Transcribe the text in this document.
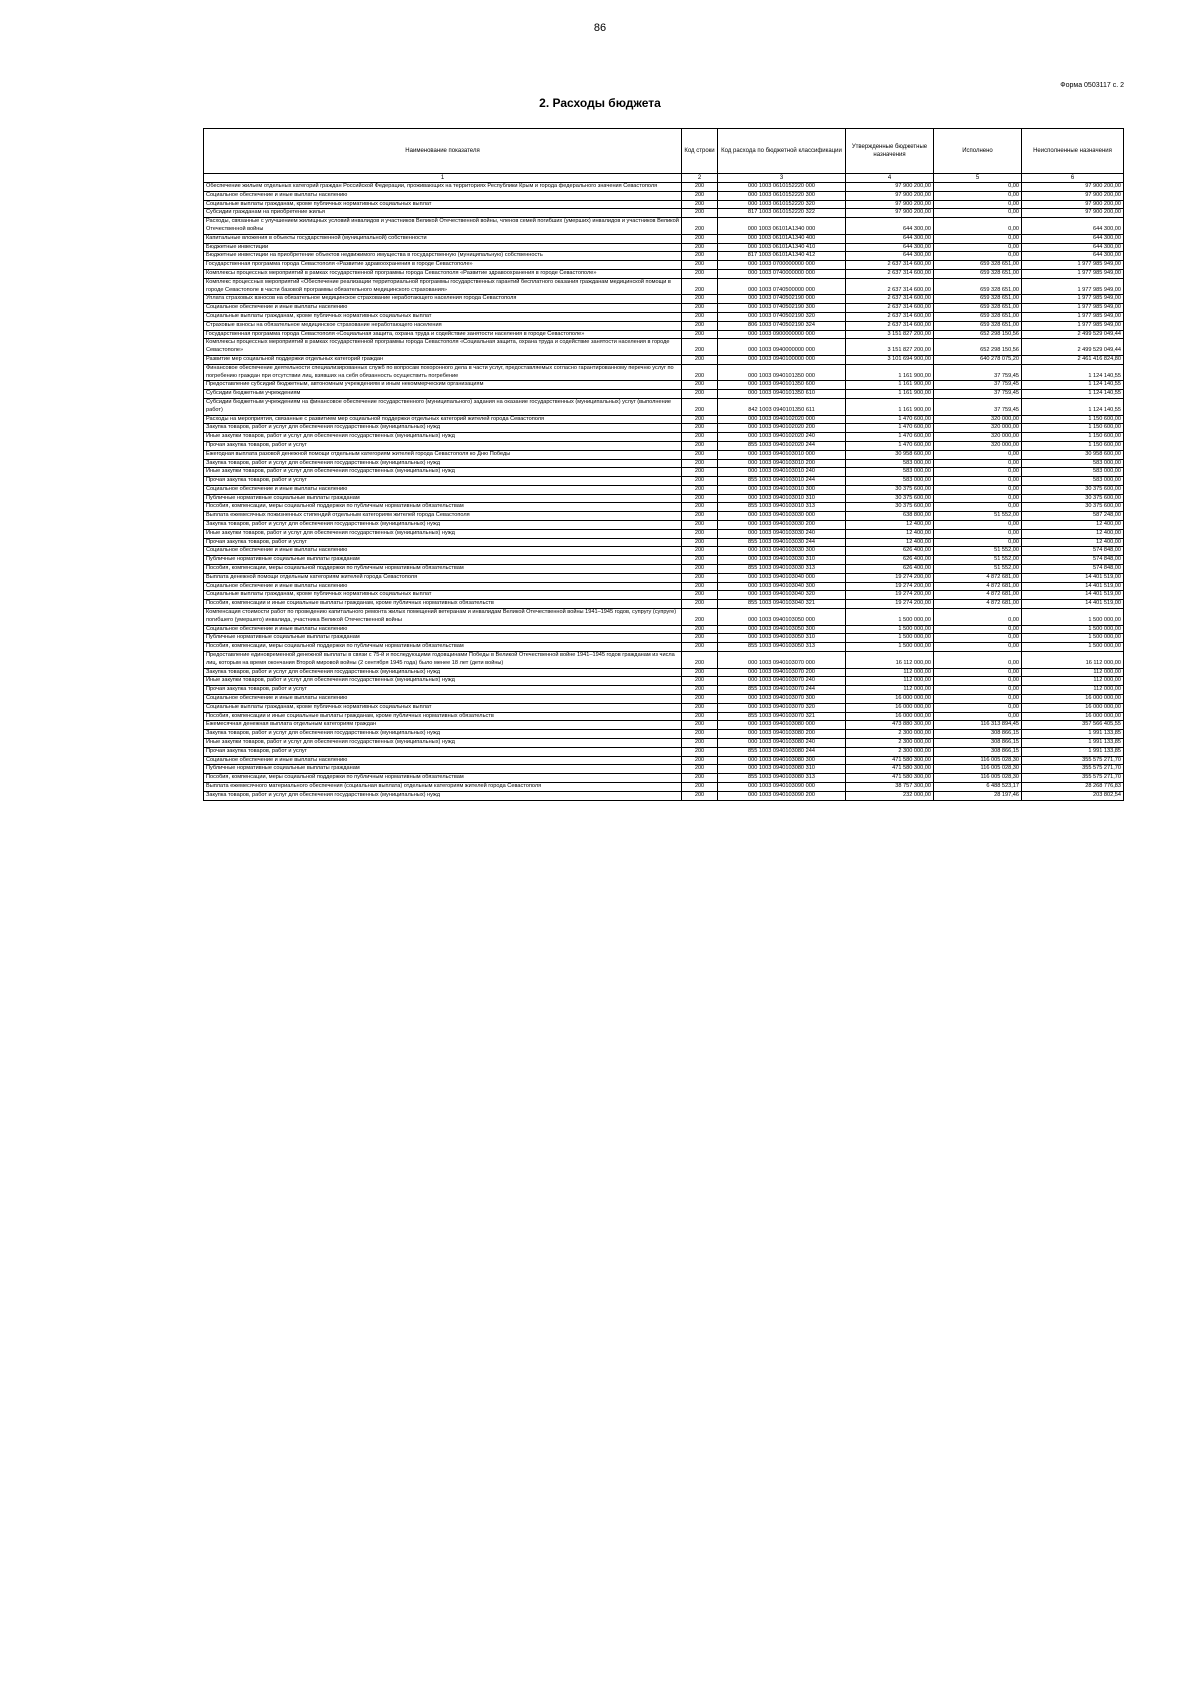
86
Форма 0503117 с. 2
2. Расходы бюджета
Наименование показателя	Код строки	Код расхода по бюджетной классификации	Утвержденные бюджетные назначения	Исполнено	Неисполненные назначения
1	2	3	4	5	6
Обеспечение жильем отдельных категорий граждан Российской Федерации, проживающих на территориях Республики Крым и города федерального значения Севастополя	200	000 1003 0610152220 000	97 900 200,00	0,00	97 900 200,00
Социальное обеспечение и иные выплаты населению	200	000 1003 0610152220 300	97 900 200,00	0,00	97 900 200,00
Социальные выплаты гражданам, кроме публичных нормативных социальных выплат	200	000 1003 0610152220 320	97 900 200,00	0,00	97 900 200,00
Субсидии гражданам на приобретение жилья	200	817 1003 0610152220 322	97 900 200,00	0,00	97 900 200,00
Расходы, связанные с улучшением жилищных условий инвалидов и участников Великой Отечественной войны, членов семей погибших (умерших) инвалидов и участников Великой Отечественной войны	200	000 1003 06101А1340 000	644 300,00	0,00	644 300,00
Капитальные вложения в объекты государственной (муниципальной) собственности	200	000 1003 06101А1340 400	644 300,00	0,00	644 300,00
Бюджетные инвестиции	200	000 1003 06101А1340 410	644 300,00	0,00	644 300,00
Бюджетные инвестиции на приобретение объектов недвижимого имущества в государственную (муниципальную) собственность	200	817 1003 06101А1340 412	644 300,00	0,00	644 300,00
Государственная программа города Севастополя «Развитие здравоохранения в городе Севастополе»	200	000 1003 0700000000 000	2 637 314 600,00	659 328 651,00	1 977 985 949,00
Комплексы процессных мероприятий в рамках государственной программы города Севастополя «Развитие здравоохранения в городе Севастополе»	200	000 1003 0740000000 000	2 637 314 600,00	659 328 651,00	1 977 985 949,00
Комплекс процессных мероприятий «Обеспечение реализации территориальной программы государственных гарантий бесплатного оказания гражданам медицинской помощи в городе Севастополе в части базовой программы обязательного медицинского страхования»	200	000 1003 0740500000 000	2 637 314 600,00	659 328 651,00	1 977 985 949,00
Уплата страховых взносов на обязательное медицинское страхование неработающего населения города Севастополя	200	000 1003 0740502190 000	2 637 314 600,00	659 328 651,00	1 977 985 949,00
Социальное обеспечение и иные выплаты населению	200	000 1003 0740502190 300	2 637 314 600,00	659 328 651,00	1 977 985 949,00
Социальные выплаты гражданам, кроме публичных нормативных социальных выплат	200	000 1003 0740502190 320	2 637 314 600,00	659 328 651,00	1 977 985 949,00
Страховые взносы на обязательное медицинское страхование неработающего населения	200	806 1003 0740502190 324	2 637 314 600,00	659 328 651,00	1 977 985 949,00
Государственная программа города Севастополя «Социальная защита, охрана труда и содействие занятости населения в городе Севастополе»	200	000 1003 0900000000 000	3 151 827 200,00	652 298 150,56	2 499 529 049,44
Комплексы процессных мероприятий в рамках государственной программы города Севастополя «Социальная защита, охрана труда и содействие занятости населения в городе Севастополе»	200	000 1003 0940000000 000	3 151 827 200,00	652 298 150,56	2 499 529 049,44
Развитие мер социальной поддержки отдельных категорий граждан	200	000 1003 0940100000 000	3 101 694 900,00	640 278 075,20	2 461 416 824,80
Финансовое обеспечение деятельности специализированных служб по вопросам похоронного дела в части услуг, предоставляемых согласно гарантированному перечню услуг по погребению граждан при отсутствии лиц, взявших на себя обязанность осуществить погребение	200	000 1003 0940101350 000	1 161 900,00	37 759,45	1 124 140,55
Предоставление субсидий бюджетным, автономным учреждениям и иным некоммерческим организациям	200	000 1003 0940101350 600	1 161 900,00	37 759,45	1 124 140,55
Субсидии бюджетным учреждениям	200	000 1003 0940101350 610	1 161 900,00	37 759,45	1 124 140,55
Субсидии бюджетным учреждениям на финансовое обеспечение государственного (муниципального) задания на оказание государственных (муниципальных) услуг (выполнение работ)	200	842 1003 0940101350 611	1 161 900,00	37 759,45	1 124 140,55
Расходы на мероприятия, связанные с развитием мер социальной поддержки отдельных категорий жителей города Севастополя	200	000 1003 0940102020 000	1 470 600,00	320 000,00	1 150 600,00
Закупка товаров, работ и услуг для обеспечения государственных (муниципальных) нужд	200	000 1003 0940102020 200	1 470 600,00	320 000,00	1 150 600,00
Иные закупки товаров, работ и услуг для обеспечения государственных (муниципальных) нужд	200	000 1003 0940102020 240	1 470 600,00	320 000,00	1 150 600,00
Прочая закупка товаров, работ и услуг	200	855 1003 0940102020 244	1 470 600,00	320 000,00	1 150 600,00
Ежегодная выплата разовой денежной помощи отдельным категориям жителей города Севастополя ко Дню Победы	200	000 1003 0940103010 000	30 958 600,00	0,00	30 958 600,00
Закупка товаров, работ и услуг для обеспечения государственных (муниципальных) нужд	200	000 1003 0940103010 200	583 000,00	0,00	583 000,00
Иные закупки товаров, работ и услуг для обеспечения государственных (муниципальных) нужд	200	000 1003 0940103010 240	583 000,00	0,00	583 000,00
Прочая закупка товаров, работ и услуг	200	855 1003 0940103010 244	583 000,00	0,00	583 000,00
Социальное обеспечение и иные выплаты населению	200	000 1003 0940103010 300	30 375 600,00	0,00	30 375 600,00
Публичные нормативные социальные выплаты гражданам	200	000 1003 0940103010 310	30 375 600,00	0,00	30 375 600,00
Пособия, компенсации, меры социальной поддержки по публичным нормативным обязательствам	200	855 1003 0940103010 313	30 375 600,00	0,00	30 375 600,00
Выплата ежемесячных пожизненных стипендий отдельным категориям жителей города Севастополя	200	000 1003 0940103030 000	638 800,00	51 552,00	587 248,00
Закупка товаров, работ и услуг для обеспечения государственных (муниципальных) нужд	200	000 1003 0940103030 200	12 400,00	0,00	12 400,00
Иные закупки товаров, работ и услуг для обеспечения государственных (муниципальных) нужд	200	000 1003 0940103030 240	12 400,00	0,00	12 400,00
Прочая закупка товаров, работ и услуг	200	855 1003 0940103030 244	12 400,00	0,00	12 400,00
Социальное обеспечение и иные выплаты населению	200	000 1003 0940103030 300	626 400,00	51 552,00	574 848,00
Публичные нормативные социальные выплаты гражданам	200	000 1003 0940103030 310	626 400,00	51 552,00	574 848,00
Пособия, компенсации, меры социальной поддержки по публичным нормативным обязательствам	200	855 1003 0940103030 313	626 400,00	51 552,00	574 848,00
Выплата денежной помощи отдельным категориям жителей города Севастополя	200	000 1003 0940103040 000	19 274 200,00	4 872 681,00	14 401 519,00
Социальное обеспечение и иные выплаты населению	200	000 1003 0940103040 300	19 274 200,00	4 872 681,00	14 401 519,00
Социальные выплаты гражданам, кроме публичных нормативных социальных выплат	200	000 1003 0940103040 320	19 274 200,00	4 872 681,00	14 401 519,00
Пособия, компенсации и иные социальные выплаты гражданам, кроме публичных нормативных обязательств	200	855 1003 0940103040 321	19 274 200,00	4 872 681,00	14 401 519,00
Компенсация стоимости работ по проведению капитального ремонта жилых помещений ветеранам и инвалидам Великой Отечественной войны 1941–1945 годов, супругу (супруге) погибшего (умершего) инвалида, участника Великой Отечественной войны	200	000 1003 0940103050 000	1 500 000,00	0,00	1 500 000,00
Социальное обеспечение и иные выплаты населению	200	000 1003 0940103050 300	1 500 000,00	0,00	1 500 000,00
Публичные нормативные социальные выплаты гражданам	200	000 1003 0940103050 310	1 500 000,00	0,00	1 500 000,00
Пособия, компенсации, меры социальной поддержки по публичным нормативным обязательствам	200	855 1003 0940103050 313	1 500 000,00	0,00	1 500 000,00
Предоставление единовременной денежной выплаты в связи с 75-й и последующими годовщинами Победы в Великой Отечественной войне 1941–1945 годов гражданам из числа лиц, которым на время окончания Второй мировой войны (2 сентября 1945 года) было менее 18 лет (дети войны)	200	000 1003 0940103070 000	16 112 000,00	0,00	16 112 000,00
Закупка товаров, работ и услуг для обеспечения государственных (муниципальных) нужд	200	000 1003 0940103070 200	112 000,00	0,00	112 000,00
Иные закупки товаров, работ и услуг для обеспечения государственных (муниципальных) нужд	200	000 1003 0940103070 240	112 000,00	0,00	112 000,00
Прочая закупка товаров, работ и услуг	200	855 1003 0940103070 244	112 000,00	0,00	112 000,00
Социальное обеспечение и иные выплаты населению	200	000 1003 0940103070 300	16 000 000,00	0,00	16 000 000,00
Социальные выплаты гражданам, кроме публичных нормативных социальных выплат	200	000 1003 0940103070 320	16 000 000,00	0,00	16 000 000,00
Пособия, компенсации и иные социальные выплаты гражданам, кроме публичных нормативных обязательств	200	855 1003 0940103070 321	16 000 000,00	0,00	16 000 000,00
Ежемесячная денежная выплата отдельным категориям граждан	200	000 1003 0940103080 000	473 880 300,00	116 313 894,45	357 566 405,55
Закупка товаров, работ и услуг для обеспечения государственных (муниципальных) нужд	200	000 1003 0940103080 200	2 300 000,00	308 866,15	1 991 133,85
Иные закупки товаров, работ и услуг для обеспечения государственных (муниципальных) нужд	200	000 1003 0940103080 240	2 300 000,00	308 866,15	1 991 133,85
Прочая закупка товаров, работ и услуг	200	855 1003 0940103080 244	2 300 000,00	308 866,15	1 991 133,85
Социальное обеспечение и иные выплаты населению	200	000 1003 0940103080 300	471 580 300,00	116 005 028,30	355 575 271,70
Публичные нормативные социальные выплаты гражданам	200	000 1003 0940103080 310	471 580 300,00	116 005 028,30	355 575 271,70
Пособия, компенсации, меры социальной поддержки по публичным нормативным обязательствам	200	855 1003 0940103080 313	471 580 300,00	116 005 028,30	355 575 271,70
Выплата ежемесячного материального обеспечения (социальная выплата) отдельным категориям жителей города Севастополя	200	000 1003 0940103090 000	38 757 300,00	6 488 523,17	28 268 776,83
Закупка товаров, работ и услуг для обеспечения государственных (муниципальных) нужд	200	000 1003 0940103090 200	232 000,00	28 197,46	203 802,54
